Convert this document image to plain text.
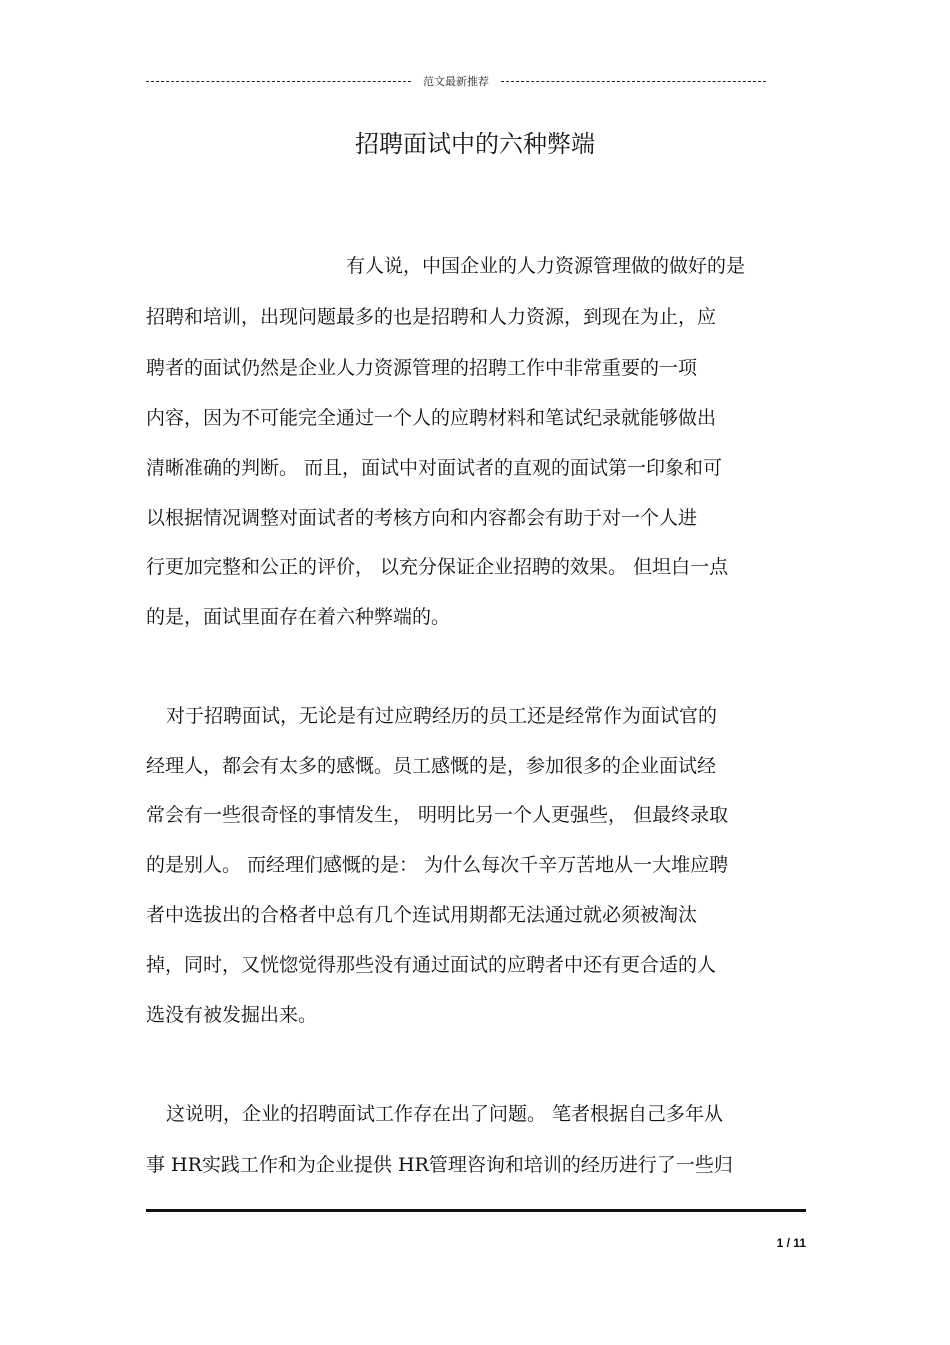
范文最新推荐
招聘面试中的六种弊端
有人说，中国企业的人力资源管理做的做好的是
招聘和培训，出现问题最多的也是招聘和人力资源，到现在为止，应
聘者的面试仍然是企业人力资源管理的招聘工作中非常重要的一项
内容，因为不可能完全通过一个人的应聘材料和笔试纪录就能够做出
清晰准确的判断。 而且，面试中对面试者的直观的面试第一印象和可
以根据情况调整对面试者的考核方向和内容都会有助于对一个人进
行更加完整和公正的评价， 以充分保证企业招聘的效果。 但坦白一点
的是，面试里面存在着六种弊端的。
对于招聘面试，无论是有过应聘经历的员工还是经常作为面试官的
经理人，都会有太多的感慨。员工感慨的是，参加很多的企业面试经
常会有一些很奇怪的事情发生， 明明比另一个人更强些， 但最终录取
的是别人。 而经理们感慨的是： 为什么每次千辛万苦地从一大堆应聘
者中选拔出的合格者中总有几个连试用期都无法通过就必须被淘汰
掉，同时，又恍惚觉得那些没有通过面试的应聘者中还有更合适的人
选没有被发掘出来。
这说明，企业的招聘面试工作存在出了问题。 笔者根据自己多年从
事 HR实践工作和为企业提供 HR管理咨询和培训的经历进行了一些归
1 / 11
